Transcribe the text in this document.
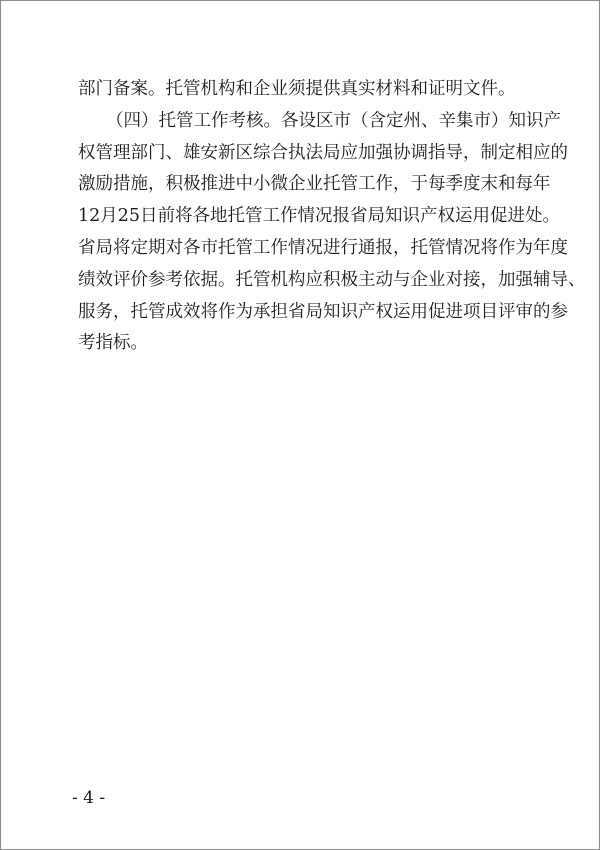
部门备案。托管机构和企业须提供真实材料和证明文件。
（四）托管工作考核。各设区市（含定州、辛集市）知识产
权管理部门、雄安新区综合执法局应加强协调指导，制定相应的
激励措施，积极推进中小微企业托管工作，于每季度末和每年
12月25日前将各地托管工作情况报省局知识产权运用促进处。
省局将定期对各市托管工作情况进行通报，托管情况将作为年度
绩效评价参考依据。托管机构应积极主动与企业对接，加强辅导、
服务，托管成效将作为承担省局知识产权运用促进项目评审的参
考指标。
- 4 -
